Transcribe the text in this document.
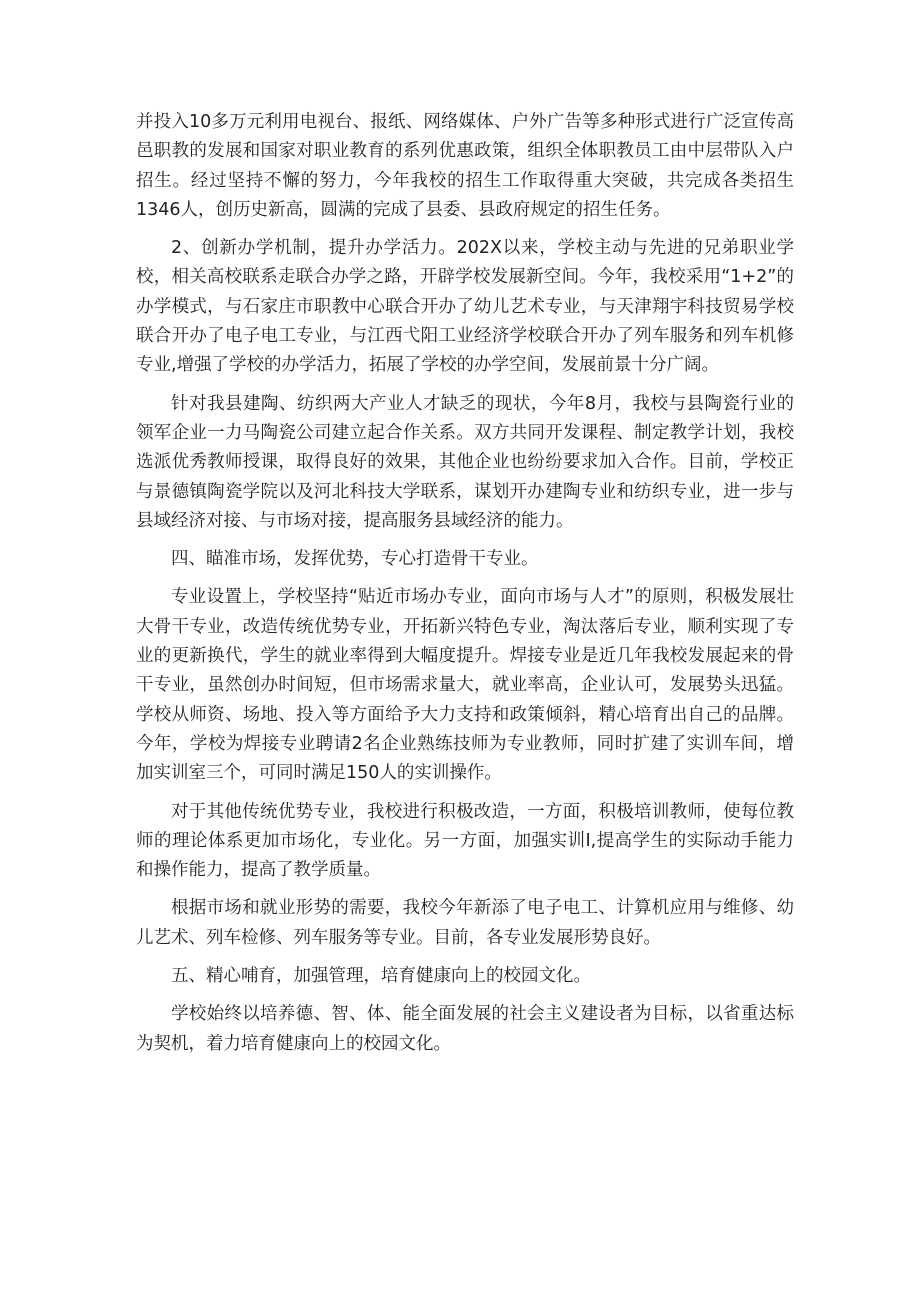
并投入10多万元利用电视台、报纸、网络媒体、户外广告等多种形式进行广泛宣传高邑职教的发展和国家对职业教育的系列优惠政策，组织全体职教员工由中层带队入户招生。经过坚持不懈的努力，今年我校的招生工作取得重大突破，共完成各类招生1346人，创历史新高，圆满的完成了县委、县政府规定的招生任务。

2、创新办学机制，提升办学活力。202X以来，学校主动与先进的兄弟职业学校，相关高校联系走联合办学之路，开辟学校发展新空间。今年，我校采用“1+2”的办学模式，与石家庄市职教中心联合开办了幼儿艺术专业，与天津翔宇科技贸易学校联合开办了电子电工专业，与江西弋阳工业经济学校联合开办了列车服务和列车机修专业,增强了学校的办学活力，拓展了学校的办学空间，发展前景十分广阔。

针对我县建陶、纺织两大产业人才缺乏的现状，今年8月，我校与县陶瓷行业的领军企业一力马陶瓷公司建立起合作关系。双方共同开发课程、制定教学计划，我校选派优秀教师授课，取得良好的效果，其他企业也纷纷要求加入合作。目前，学校正与景德镇陶瓷学院以及河北科技大学联系，谋划开办建陶专业和纺织专业，进一步与县域经济对接、与市场对接，提高服务县域经济的能力。

四、瞄准市场，发挥优势，专心打造骨干专业。

专业设置上，学校坚持“贴近市场办专业，面向市场与人才”的原则，积极发展壮大骨干专业，改造传统优势专业，开拓新兴特色专业，淘汰落后专业，顺利实现了专业的更新换代，学生的就业率得到大幅度提升。焊接专业是近几年我校发展起来的骨干专业，虽然创办时间短，但市场需求量大，就业率高，企业认可，发展势头迅猛。学校从师资、场地、投入等方面给予大力支持和政策倾斜，精心培育出自己的品牌。今年，学校为焊接专业聘请2名企业熟练技师为专业教师，同时扩建了实训车间，增加实训室三个，可同时满足150人的实训操作。

对于其他传统优势专业，我校进行积极改造，一方面，积极培训教师，使每位教师的理论体系更加市场化，专业化。另一方面，加强实训I,提高学生的实际动手能力和操作能力，提高了教学质量。

根据市场和就业形势的需要，我校今年新添了电子电工、计算机应用与维修、幼儿艺术、列车检修、列车服务等专业。目前，各专业发展形势良好。

五、精心哺育，加强管理，培育健康向上的校园文化。

学校始终以培养德、智、体、能全面发展的社会主义建设者为目标，以省重达标为契机，着力培育健康向上的校园文化。
